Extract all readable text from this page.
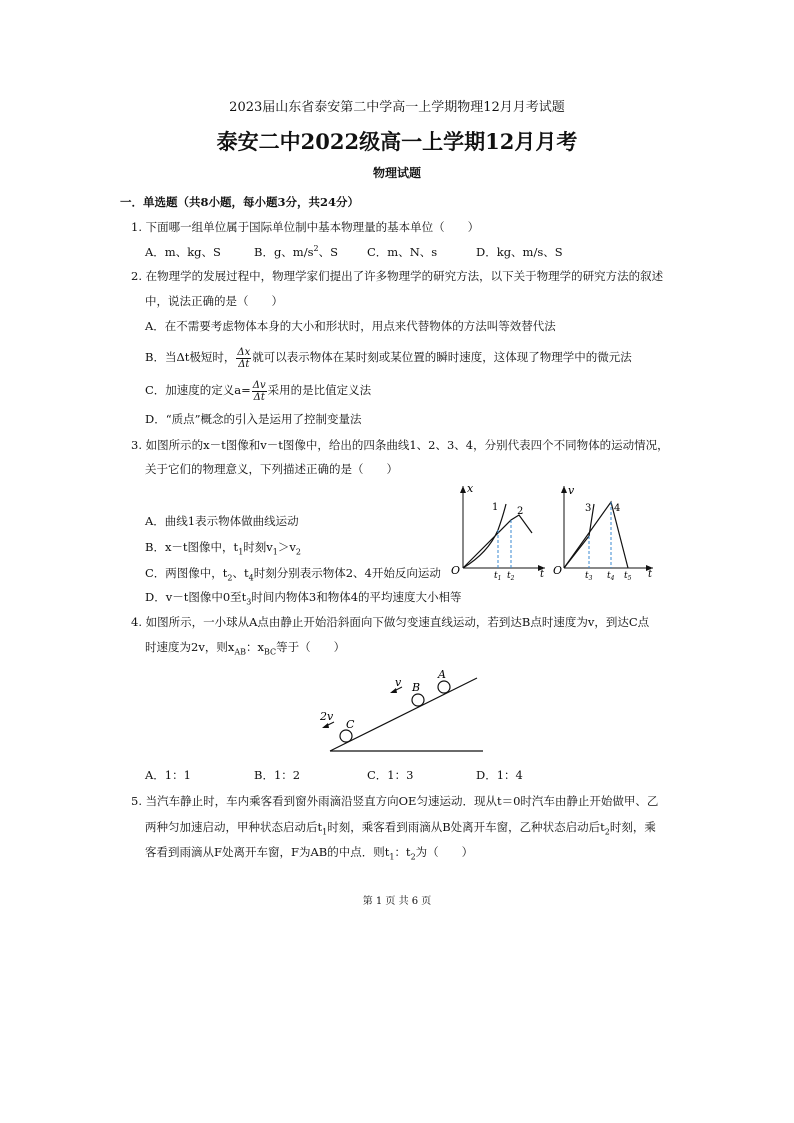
2023届山东省泰安第二中学高一上学期物理12月月考试题
泰安二中2022级高一上学期12月月考
物理试题
一．单选题（共8小题，每小题3分，共24分）
1. 下面哪一组单位属于国际单位制中基本物理量的基本单位（　　）
A．m、kg、S	B．g、$m/s^2$、S	C．m、N、s	D．kg、m/s、S
2. 在物理学的发展过程中，物理学家们提出了许多物理学的研究方法，以下关于物理学的研究方法的叙述
中，说法正确的是（　　）
A．在不需要考虑物体本身的大小和形状时，用点来代替物体的方法叫等效替代法
B．当Δt极短时， $\frac{\Delta x}{\Delta t}$ 就可以表示物体在某时刻或某位置的瞬时速度，这体现了物理学中的微元法
C．加速度的定义$a= \frac{\Delta v}{\Delta t}$ 采用的是比值定义法
D．“质点”概念的引入是运用了控制变量法
3. 如图所示的x－t图像和v－t图像中，给出的四条曲线1、2、3、4，分别代表四个不同物体的运动情况，
关于它们的物理意义，下列描述正确的是（　　）
A．曲线1表示物体做曲线运动
B．x－t图像中，$t_1$时刻$v_1>v_2$
C．两图像中，$t_2$、$t_4$时刻分别表示物体2、4开始反向运动
D．v－t图像中0至$t_3$时间内物体3和物体4的平均速度大小相等
x
O	t
1 2
$t_1$ $t_2$
v
O	t
3 4
$t_3$ $t_4$ $t_5$
4. 如图所示，一小球从A点由静止开始沿斜面向下做匀变速直线运动，若到达B点时速度为v，到达C点
时速度为2v，则$x_{AB}$：$x_{BC}$等于（　　）
A
B
C
v
2v
A．1：1	B．1：2	C．1：3	D．1：4
5. 当汽车静止时，车内乘客看到窗外雨滴沿竖直方向OE匀速运动．现从t＝0时汽车由静止开始做甲、乙
两种匀加速启动，甲种状态启动后$t_1$时刻，乘客看到雨滴从B处离开车窗，乙种状态启动后$t_2$时刻，乘
客看到雨滴从F处离开车窗，F为AB的中点．则$t_1$：$t_2$为（　　）
第 1 页 共 6 页
